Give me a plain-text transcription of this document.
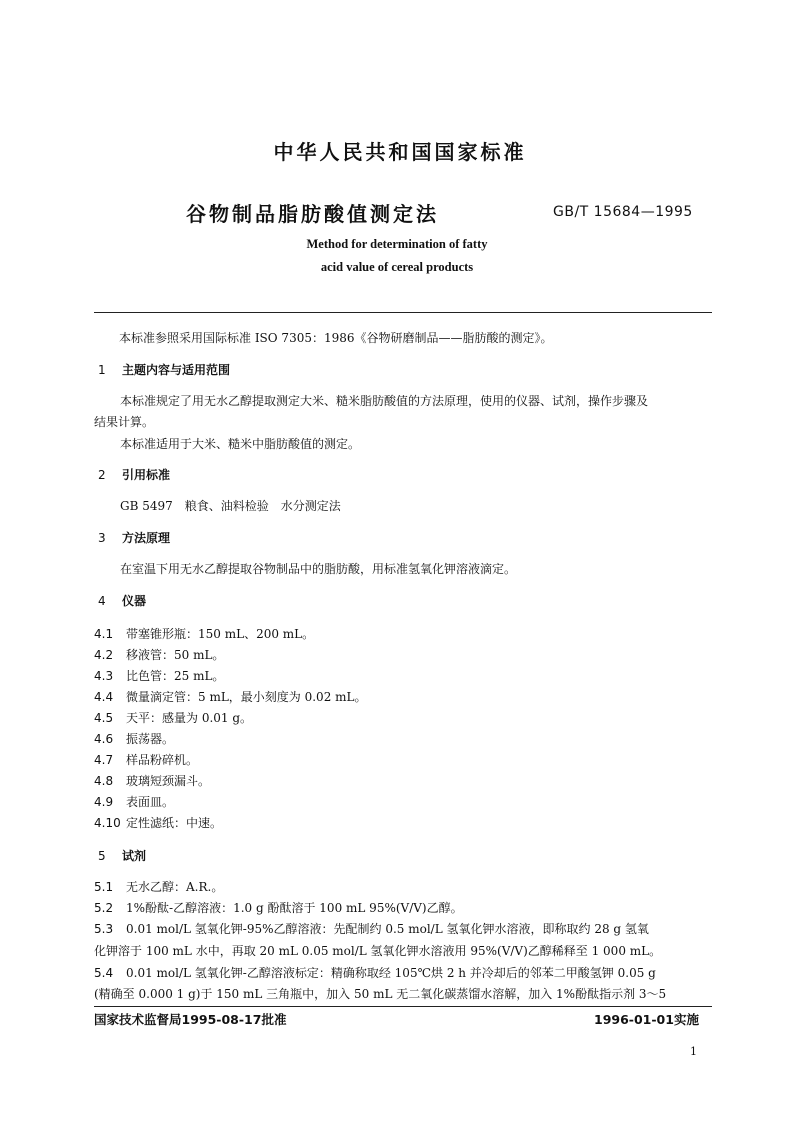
中华人民共和国国家标准
谷物制品脂肪酸值测定法	GB/T 15684—1995
Method for determination of fatty
acid value of cereal products
本标准参照采用国际标准 ISO 7305：1986《谷物研磨制品——脂肪酸的测定》。
1 主题内容与适用范围
本标准规定了用无水乙醇提取测定大米、糙米脂肪酸值的方法原理，使用的仪器、试剂，操作步骤及
结果计算。
本标准适用于大米、糙米中脂肪酸值的测定。
2 引用标准
GB 5497　粮食、油料检验　水分测定法
3 方法原理
在室温下用无水乙醇提取谷物制品中的脂肪酸，用标准氢氧化钾溶液滴定。
4 仪器
4.1 带塞锥形瓶：150 mL、200 mL。
4.2 移液管：50 mL。
4.3 比色管：25 mL。
4.4 微量滴定管：5 mL，最小刻度为 0.02 mL。
4.5 天平：感量为 0.01 g。
4.6 振荡器。
4.7 样品粉碎机。
4.8 玻璃短颈漏斗。
4.9 表面皿。
4.10 定性滤纸：中速。
5 试剂
5.1 无水乙醇：A.R.。
5.2 1%酚酞-乙醇溶液：1.0 g 酚酞溶于 100 mL 95%(V/V)乙醇。
5.3 0.01 mol/L 氢氧化钾-95%乙醇溶液：先配制约 0.5 mol/L 氢氧化钾水溶液，即称取约 28 g 氢氧
化钾溶于 100 mL 水中，再取 20 mL 0.05 mol/L 氢氧化钾水溶液用 95%(V/V)乙醇稀释至 1 000 mL。
5.4 0.01 mol/L 氢氧化钾-乙醇溶液标定：精确称取经 105℃烘 2 h 并冷却后的邻苯二甲酸氢钾 0.05 g
(精确至 0.000 1 g)于 150 mL 三角瓶中，加入 50 mL 无二氧化碳蒸馏水溶解，加入 1%酚酞指示剂 3～5
国家技术监督局1995-08-17批准	1996-01-01实施
1
